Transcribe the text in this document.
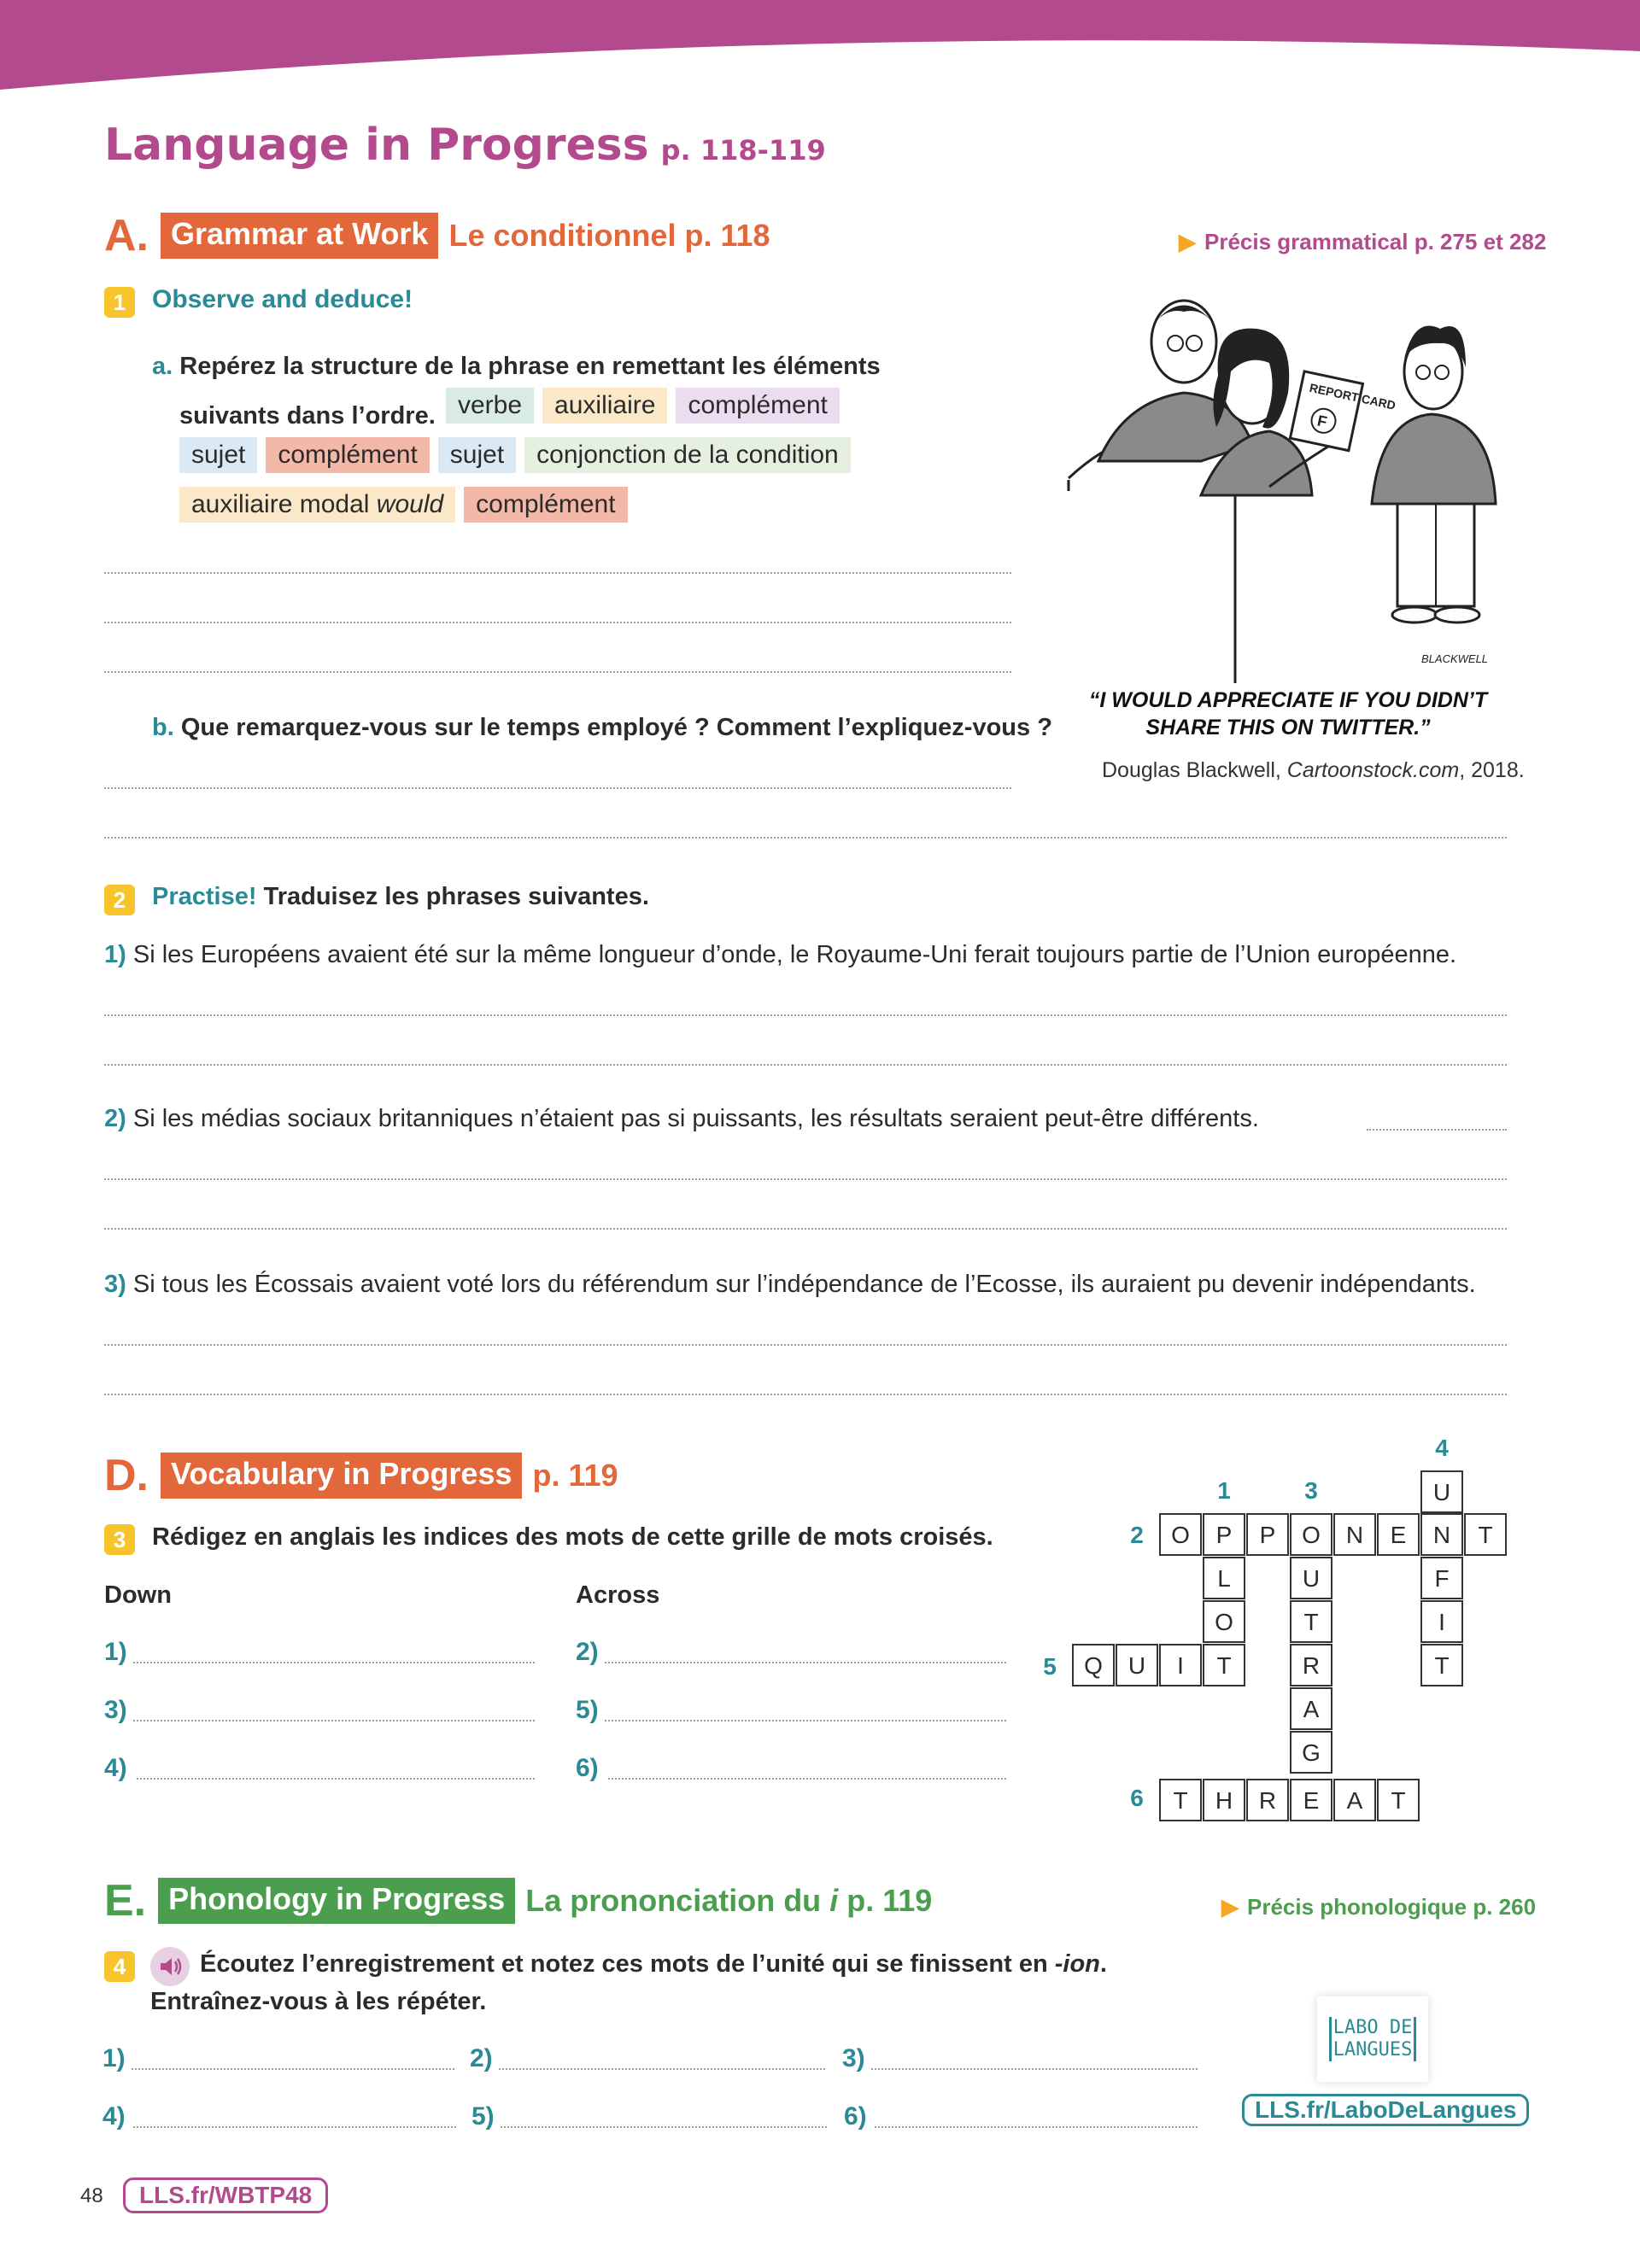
Language in Progress p. 118-119
A. Grammar at Work Le conditionnel p. 118	▶ Précis grammatical p. 275 et 282
1	Observe and deduce!
a. Repérez la structure de la phrase en remettant les éléments
suivants dans l’ordre. verbe auxiliaire complément
sujet complément sujet conjonction de la condition
auxiliaire modal would complément
b. Que remarquez-vous sur le temps employé ? Comment l’expliquez-vous ?
REPORT CARD
F
BLACKWELL
“I WOULD APPRECIATE IF YOU DIDN’T
SHARE THIS ON TWITTER.”
Douglas Blackwell, Cartoonstock.com, 2018.
2	Practise! Traduisez les phrases suivantes.
1) Si les Européens avaient été sur la même longueur d’onde, le Royaume-Uni ferait toujours partie de l’Union européenne.
2) Si les médias sociaux britanniques n’étaient pas si puissants, les résultats seraient peut-être différents.
3) Si tous les Écossais avaient voté lors du référendum sur l’indépendance de l’Ecosse, ils auraient pu devenir indépendants.
D. Vocabulary in Progress p. 119
3	Rédigez en anglais les indices des mots de cette grille de mots croisés.
Down	Across
1)
3)
4)
2)
5)
6)
4
1	3
2
5
6
U
O	P	P	O	N	E	N	T
L
O
U
T
R
A
G
F
I
T
Q	U	I	T
T	H	R	E	A	T
E. Phonology in Progress La prononciation du i p. 119	▶ Précis phonologique p. 260
4	Écoutez l’enregistrement et notez ces mots de l’unité qui se finissent en -ion.
Entraînez-vous à les répéter.
1)	2)	3)
4)	5)	6)
LABO DE LANGUES
LLS.fr/LaboDeLangues
48	LLS.fr/WBTP48
